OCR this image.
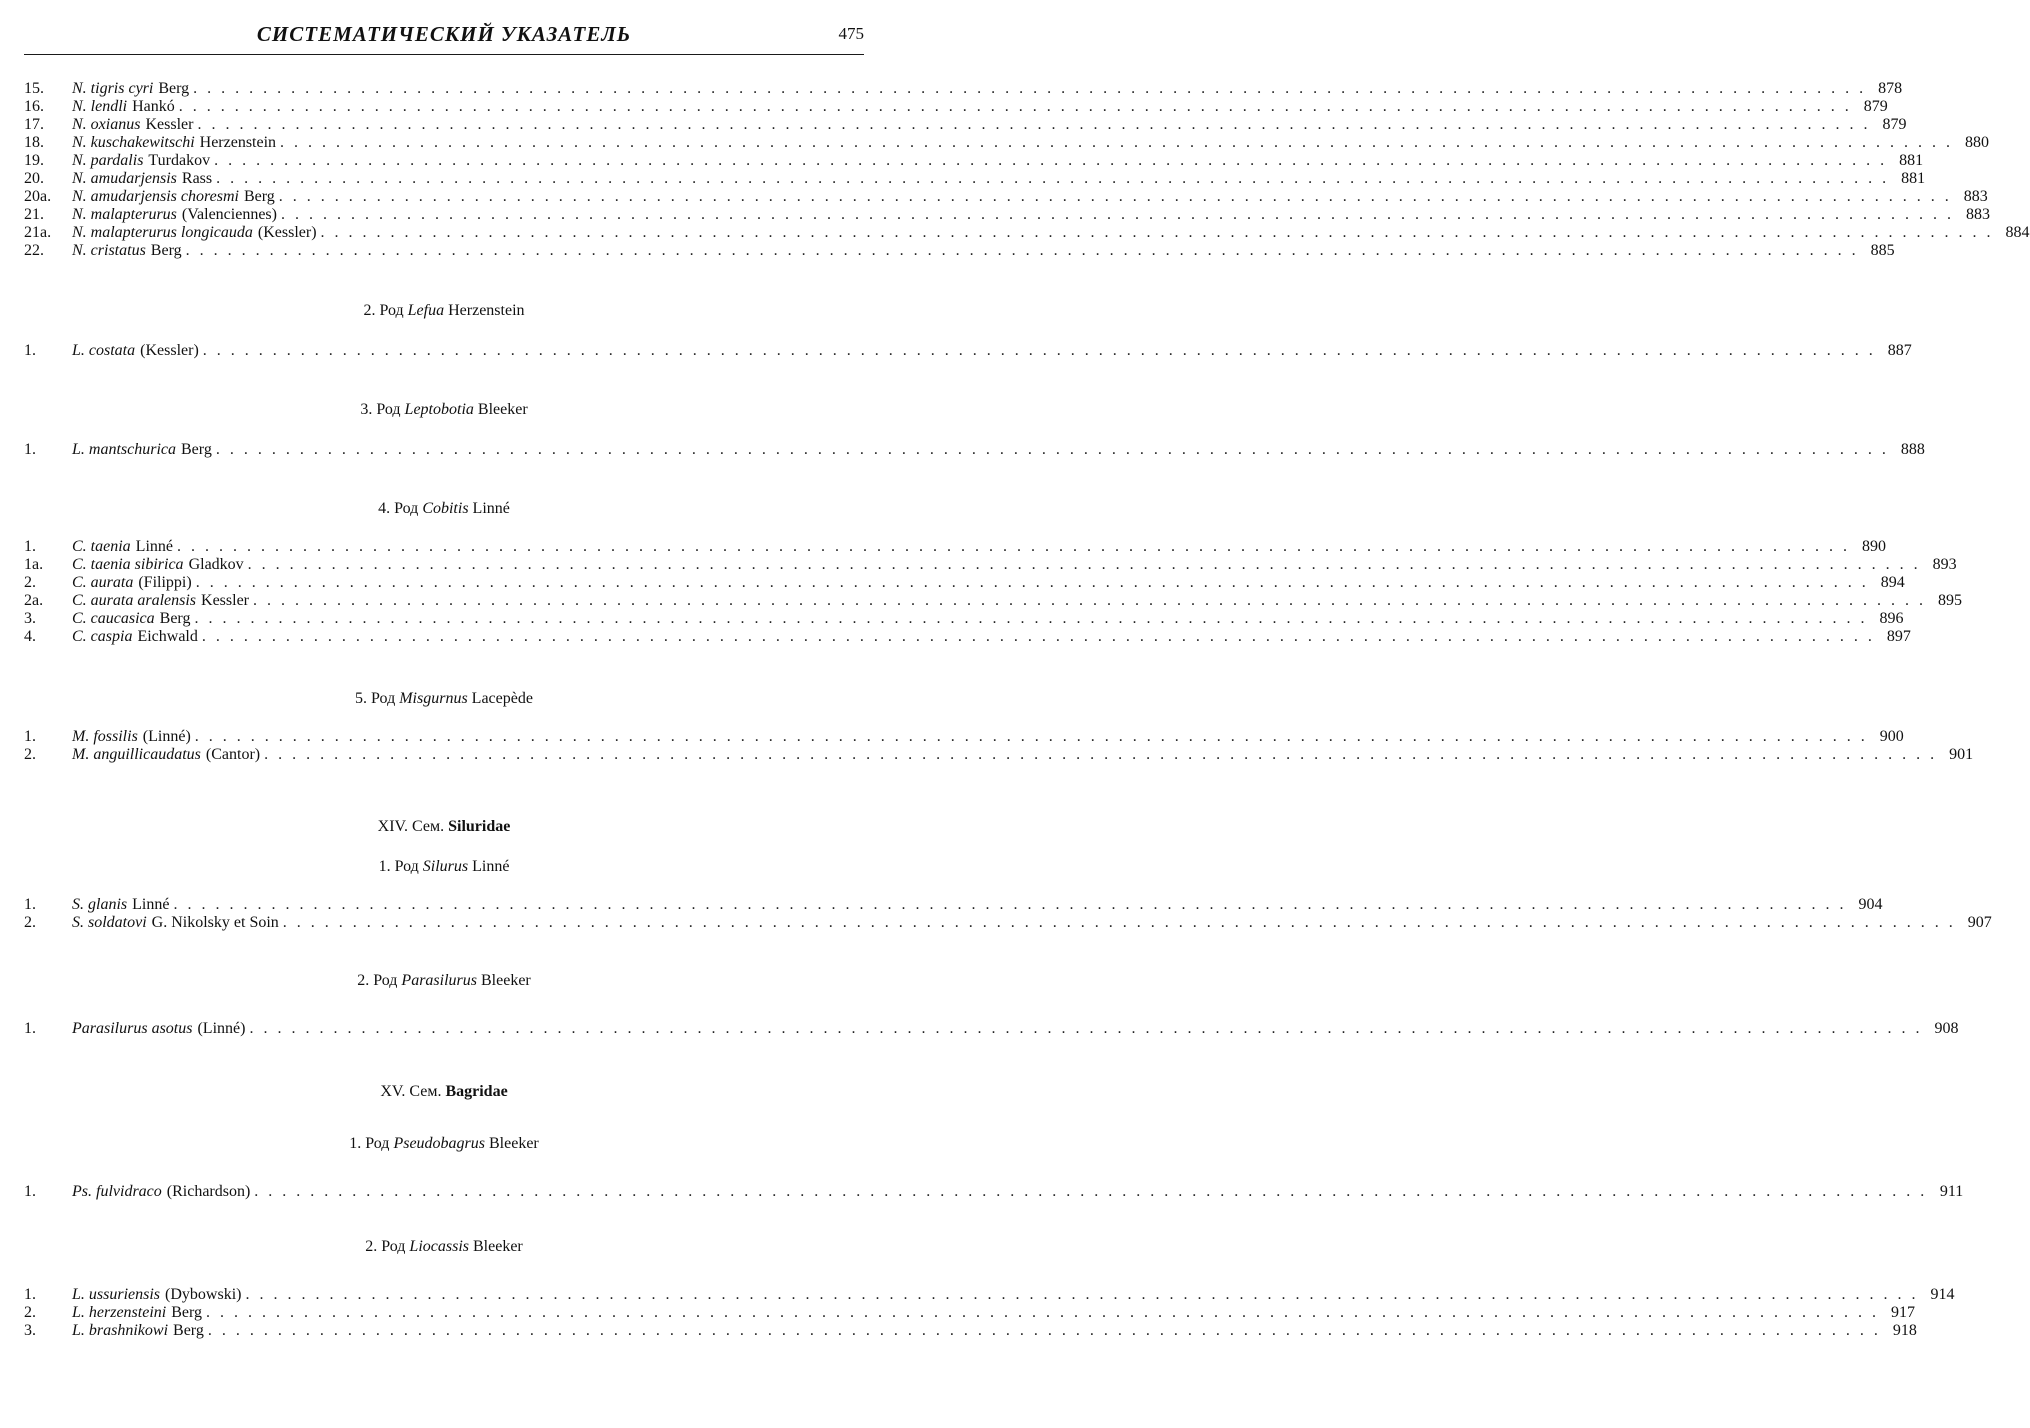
СИСТЕМАТИЧЕСКИЙ УКАЗАТЕЛЬ	475
15.	N. tigris cyri Berg . . . . . . . . . . . . . . . . . . . . . . . . . . . . . . . . . . . . . . . . . . . . . . . . . . . . . . . . . . . . . . . . . . . . . . . . . . . . . . . . . . . . . . . . . . . . . . . . . . . . . . . . . . . . . . . . . . . . . . . . 878
16.	N. lendli Hankó . . . . . . . . . . . . . . . . . . . . . . . . . . . . . . . . . . . . . . . . . . . . . . . . . . . . . . . . . . . . . . . . . . . . . . . . . . . . . . . . . . . . . . . . . . . . . . . . . . . . . . . . . . . . . . . . . . . . . . . . 879
17.	N. oxianus Kessler . . . . . . . . . . . . . . . . . . . . . . . . . . . . . . . . . . . . . . . . . . . . . . . . . . . . . . . . . . . . . . . . . . . . . . . . . . . . . . . . . . . . . . . . . . . . . . . . . . . . . . . . . . . . . . . . . . . . . . . . 879
18.	N. kuschakewitschi Herzenstein . . . . . . . . . . . . . . . . . . . . . . . . . . . . . . . . . . . . . . . . . . . . . . . . . . . . . . . . . . . . . . . . . . . . . . . . . . . . . . . . . . . . . . . . . . . . . . . . . . . . . . . . . . . . . . . . . . . . . . . . 880
19.	N. pardalis Turdakov . . . . . . . . . . . . . . . . . . . . . . . . . . . . . . . . . . . . . . . . . . . . . . . . . . . . . . . . . . . . . . . . . . . . . . . . . . . . . . . . . . . . . . . . . . . . . . . . . . . . . . . . . . . . . . . . . . . . . . . . 881
20.	N. amudarjensis Rass . . . . . . . . . . . . . . . . . . . . . . . . . . . . . . . . . . . . . . . . . . . . . . . . . . . . . . . . . . . . . . . . . . . . . . . . . . . . . . . . . . . . . . . . . . . . . . . . . . . . . . . . . . . . . . . . . . . . . . . . 881
20a.	N. amudarjensis choresmi Berg . . . . . . . . . . . . . . . . . . . . . . . . . . . . . . . . . . . . . . . . . . . . . . . . . . . . . . . . . . . . . . . . . . . . . . . . . . . . . . . . . . . . . . . . . . . . . . . . . . . . . . . . . . . . . . . . . . . . . . . . 883
21.	N. malapterurus (Valenciennes) . . . . . . . . . . . . . . . . . . . . . . . . . . . . . . . . . . . . . . . . . . . . . . . . . . . . . . . . . . . . . . . . . . . . . . . . . . . . . . . . . . . . . . . . . . . . . . . . . . . . . . . . . . . . . . . . . . . . . . . . 883
21a.	N. malapterurus longicauda (Kessler) . . . . . . . . . . . . . . . . . . . . . . . . . . . . . . . . . . . . . . . . . . . . . . . . . . . . . . . . . . . . . . . . . . . . . . . . . . . . . . . . . . . . . . . . . . . . . . . . . . . . . . . . . . . . . . . . . . . . . . . . 884
22.	N. cristatus Berg . . . . . . . . . . . . . . . . . . . . . . . . . . . . . . . . . . . . . . . . . . . . . . . . . . . . . . . . . . . . . . . . . . . . . . . . . . . . . . . . . . . . . . . . . . . . . . . . . . . . . . . . . . . . . . . . . . . . . . . . 885
2. Род Lefua Herzenstein
1.	L. costata (Kessler) . . . . . . . . . . . . . . . . . . . . . . . . . . . . . . . . . . . . . . . . . . . . . . . . . . . . . . . . . . . . . . . . . . . . . . . . . . . . . . . . . . . . . . . . . . . . . . . . . . . . . . . . . . . . . . . . . . . . . . . . 887
3. Род Leptobotia Bleeker
1.	L. mantschurica Berg . . . . . . . . . . . . . . . . . . . . . . . . . . . . . . . . . . . . . . . . . . . . . . . . . . . . . . . . . . . . . . . . . . . . . . . . . . . . . . . . . . . . . . . . . . . . . . . . . . . . . . . . . . . . . . . . . . . . . . . . 888
4. Род Cobitis Linné
1.	C. taenia Linné . . . . . . . . . . . . . . . . . . . . . . . . . . . . . . . . . . . . . . . . . . . . . . . . . . . . . . . . . . . . . . . . . . . . . . . . . . . . . . . . . . . . . . . . . . . . . . . . . . . . . . . . . . . . . . . . . . . . . . . . 890
1a.	C. taenia sibirica Gladkov . . . . . . . . . . . . . . . . . . . . . . . . . . . . . . . . . . . . . . . . . . . . . . . . . . . . . . . . . . . . . . . . . . . . . . . . . . . . . . . . . . . . . . . . . . . . . . . . . . . . . . . . . . . . . . . . . . . . . . . . 893
2.	C. aurata (Filippi) . . . . . . . . . . . . . . . . . . . . . . . . . . . . . . . . . . . . . . . . . . . . . . . . . . . . . . . . . . . . . . . . . . . . . . . . . . . . . . . . . . . . . . . . . . . . . . . . . . . . . . . . . . . . . . . . . . . . . . . . 894
2a.	C. aurata aralensis Kessler . . . . . . . . . . . . . . . . . . . . . . . . . . . . . . . . . . . . . . . . . . . . . . . . . . . . . . . . . . . . . . . . . . . . . . . . . . . . . . . . . . . . . . . . . . . . . . . . . . . . . . . . . . . . . . . . . . . . . . . . 895
3.	C. caucasica Berg . . . . . . . . . . . . . . . . . . . . . . . . . . . . . . . . . . . . . . . . . . . . . . . . . . . . . . . . . . . . . . . . . . . . . . . . . . . . . . . . . . . . . . . . . . . . . . . . . . . . . . . . . . . . . . . . . . . . . . . . 896
4.	C. caspia Eichwald . . . . . . . . . . . . . . . . . . . . . . . . . . . . . . . . . . . . . . . . . . . . . . . . . . . . . . . . . . . . . . . . . . . . . . . . . . . . . . . . . . . . . . . . . . . . . . . . . . . . . . . . . . . . . . . . . . . . . . . . 897
5. Род Misgurnus Lacepède
1.	M. fossilis (Linné) . . . . . . . . . . . . . . . . . . . . . . . . . . . . . . . . . . . . . . . . . . . . . . . . . . . . . . . . . . . . . . . . . . . . . . . . . . . . . . . . . . . . . . . . . . . . . . . . . . . . . . . . . . . . . . . . . . . . . . . . 900
2.	M. anguillicaudatus (Cantor) . . . . . . . . . . . . . . . . . . . . . . . . . . . . . . . . . . . . . . . . . . . . . . . . . . . . . . . . . . . . . . . . . . . . . . . . . . . . . . . . . . . . . . . . . . . . . . . . . . . . . . . . . . . . . . . . . . . . . . . . 901
XIV. Сем. Siluridae
1. Род Silurus Linné
1.	S. glanis Linné . . . . . . . . . . . . . . . . . . . . . . . . . . . . . . . . . . . . . . . . . . . . . . . . . . . . . . . . . . . . . . . . . . . . . . . . . . . . . . . . . . . . . . . . . . . . . . . . . . . . . . . . . . . . . . . . . . . . . . . . 904
2.	S. soldatovi G. Nikolsky et Soin . . . . . . . . . . . . . . . . . . . . . . . . . . . . . . . . . . . . . . . . . . . . . . . . . . . . . . . . . . . . . . . . . . . . . . . . . . . . . . . . . . . . . . . . . . . . . . . . . . . . . . . . . . . . . . . . . . . . . . . . 907
2. Род Parasilurus Bleeker
1.	Parasilurus asotus (Linné) . . . . . . . . . . . . . . . . . . . . . . . . . . . . . . . . . . . . . . . . . . . . . . . . . . . . . . . . . . . . . . . . . . . . . . . . . . . . . . . . . . . . . . . . . . . . . . . . . . . . . . . . . . . . . . . . . . . . . . . . 908
XV. Сем. Bagridae
1. Род Pseudobagrus Bleeker
1.	Ps. fulvidraco (Richardson) . . . . . . . . . . . . . . . . . . . . . . . . . . . . . . . . . . . . . . . . . . . . . . . . . . . . . . . . . . . . . . . . . . . . . . . . . . . . . . . . . . . . . . . . . . . . . . . . . . . . . . . . . . . . . . . . . . . . . . . . 911
2. Род Liocassis Bleeker
1.	L. ussuriensis (Dybowski) . . . . . . . . . . . . . . . . . . . . . . . . . . . . . . . . . . . . . . . . . . . . . . . . . . . . . . . . . . . . . . . . . . . . . . . . . . . . . . . . . . . . . . . . . . . . . . . . . . . . . . . . . . . . . . . . . . . . . . . . 914
2.	L. herzensteini Berg . . . . . . . . . . . . . . . . . . . . . . . . . . . . . . . . . . . . . . . . . . . . . . . . . . . . . . . . . . . . . . . . . . . . . . . . . . . . . . . . . . . . . . . . . . . . . . . . . . . . . . . . . . . . . . . . . . . . . . . . 917
3.	L. brashnikowi Berg . . . . . . . . . . . . . . . . . . . . . . . . . . . . . . . . . . . . . . . . . . . . . . . . . . . . . . . . . . . . . . . . . . . . . . . . . . . . . . . . . . . . . . . . . . . . . . . . . . . . . . . . . . . . . . . . . . . . . . . . 918
